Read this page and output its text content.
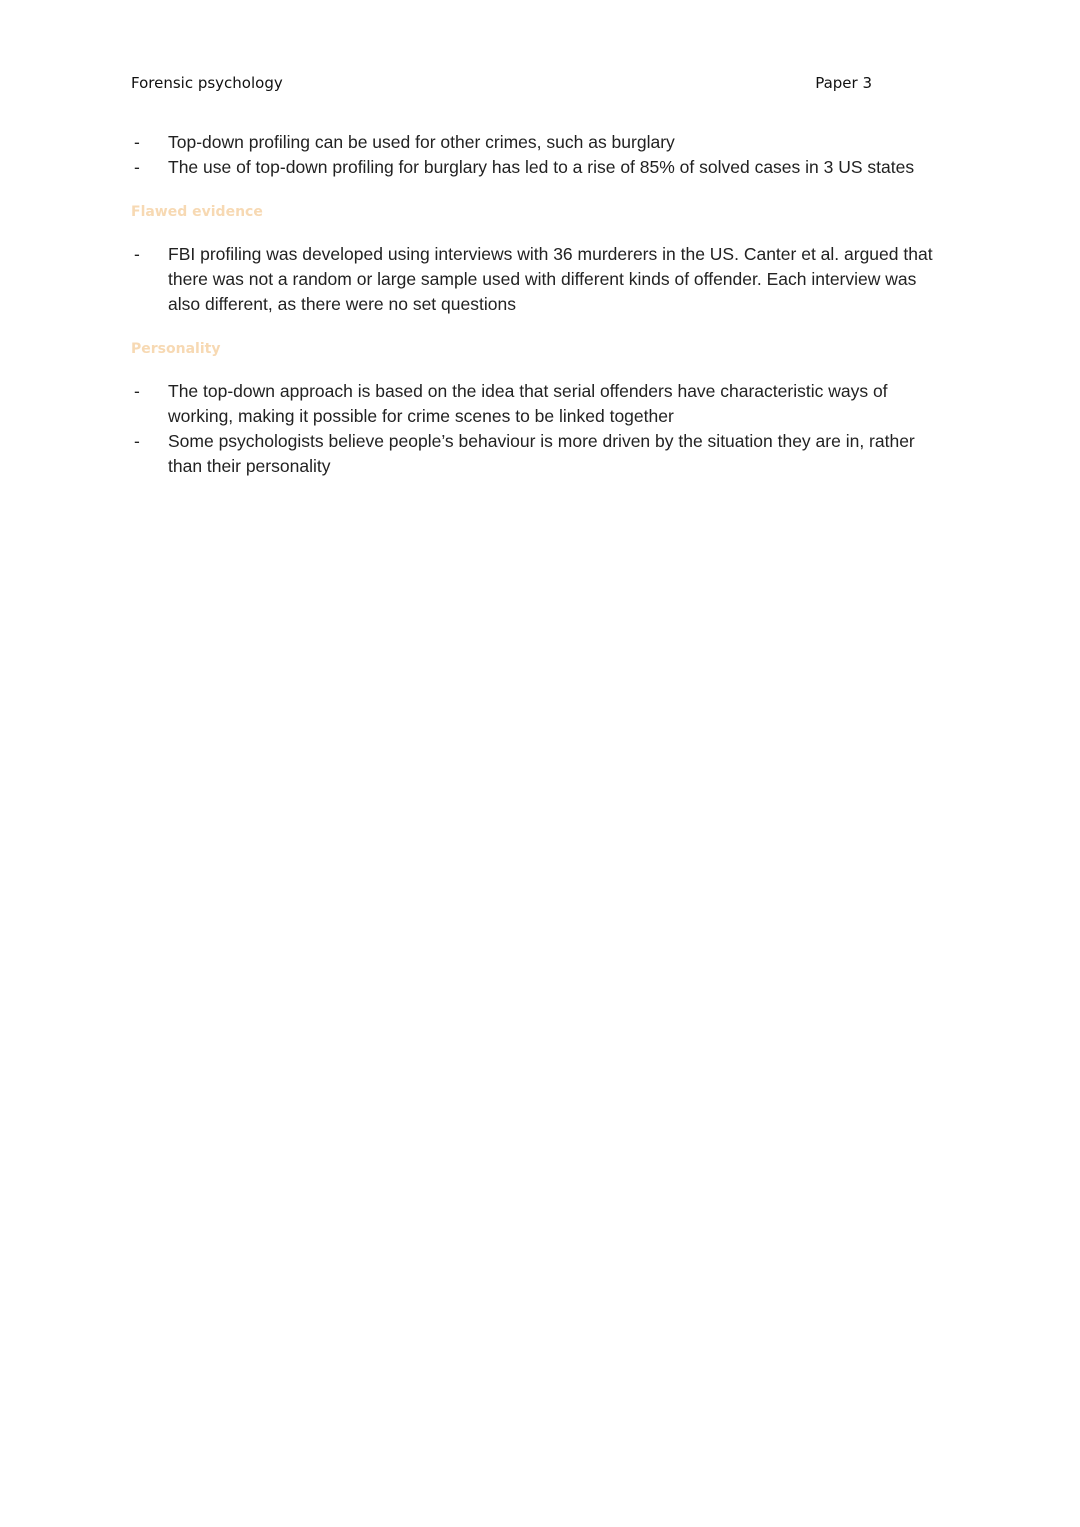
Forensic psychology	Paper 3
- Top-down profiling can be used for other crimes, such as burglary
- The use of top-down profiling for burglary has led to a rise of 85% of solved cases in 3 US states
Flawed evidence
- FBI profiling was developed using interviews with 36 murderers in the US. Canter et al. argued that there was not a random or large sample used with different kinds of offender. Each interview was also different, as there were no set questions
Personality
- The top-down approach is based on the idea that serial offenders have characteristic ways of working, making it possible for crime scenes to be linked together
- Some psychologists believe people’s behaviour is more driven by the situation they are in, rather than their personality
